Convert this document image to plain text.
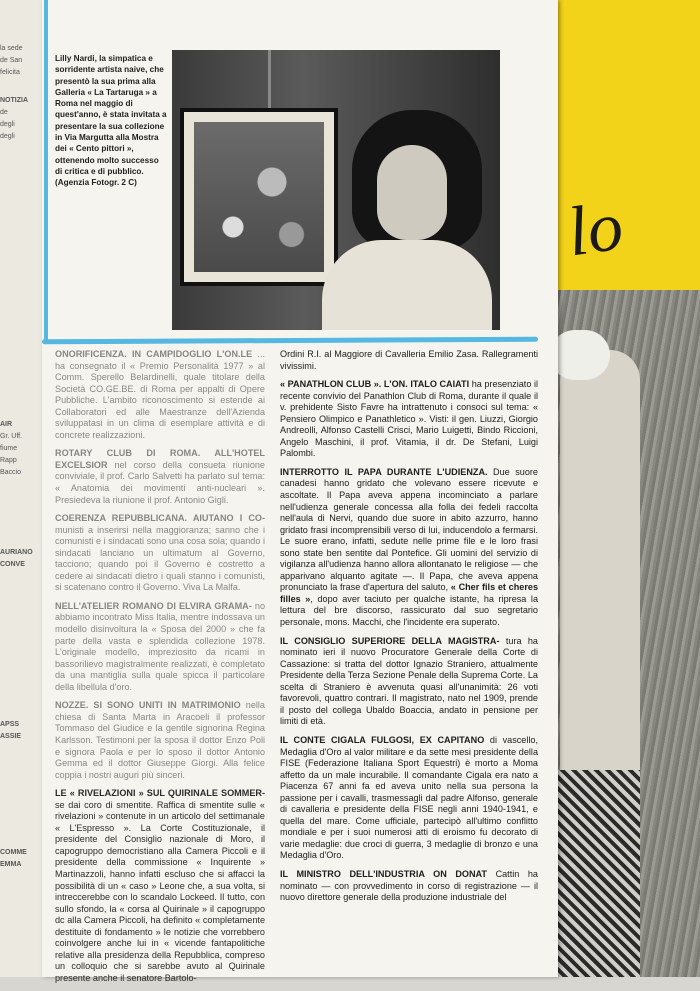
lo
la sede
de San
felicita
NOTIZIA
de
degli
degli
AIR
Gr. Uff.
fiume
Rapp
Baccio
AURIANO
CONVE
APSS
ASSIE
COMME
EMMA
Lilly Nardi, la simpatica e sorridente artista naive, che presentò la sua prima alla Galleria « La Tartaruga » a Roma nel maggio di quest'anno, è stata invitata a presentare la sua collezione in Via Margutta alla Mostra dei « Cento pittori », ottenendo molto successo di critica e di pubblico. (Agenzia Fotogr. 2 C)
ONORIFICENZA. IN CAMPIDOGLIO L'ON.LE ... ha consegnato il « Premio Personalità 1977 » al Comm. Sperello Belardinelli, quale titolare della Società CO.GE.BE. di Roma per appalti di Opere Pubbliche. L'ambito riconoscimento si estende ai Collaboratori ed alle Maestranze dell'Azienda sviluppatasi in un clima di esemplare attività e di concrete realizzazioni.
ROTARY CLUB DI ROMA. ALL'HOTEL EXCELSIOR nel corso della consueta riunione conviviale, il prof. Carlo Salvetti ha parlato sul tema: « Anatomia dei movimenti anti-nucleari ». Presiedeva la riunione il prof. Antonio Gigli.
COERENZA REPUBBLICANA. AIUTANO I CO- munisti a inserirsi nella maggioranza; sanno che i comunisti e i sindacati sono una cosa sola; quando i sindacati lanciano un ultimatum al Governo, tacciono; quando poi il Governo è costretto a cedere ai sindacati dietro i quali stanno i comunisti, si scatenano contro il Governo. Viva La Malfa.
NELL'ATELIER ROMANO DI ELVIRA GRAMA- no abbiamo incontrato Miss Italia, mentre indossava un modello disinvoltura la « Sposa del 2000 » che fa parte della vasta e splendida collezione 1978. L'originale modello, impreziosito da ricami in bassorilievo magistralmente realizzati, è completato da una mantiglia sulla quale spicca il particolare della libellula d'oro.
NOZZE. SI SONO UNITI IN MATRIMONIO nella chiesa di Santa Marta in Aracoeli il professor Tommaso del Giudice e la gentile signorina Regina Karlsson. Testimoni per la sposa il dottor Enzo Poli e signora Paola e per lo sposo il dottor Antonio Gemma ed il dottor Giuseppe Giorgi. Alla felice coppia i nostri auguri più sinceri.
LE « RIVELAZIONI » SUL QUIRINALE SOMMER- se dai coro di smentite. Raffica di smentite sulle « rivelazioni » contenute in un articolo del settimanale « L'Espresso ». La Corte Costituzionale, il presidente del Consiglio nazionale di Moro, il capogruppo democristiano alla Camera Piccoli e il presidente della commissione « Inquirente » Martinazzoli, hanno infatti escluso che si affacci la possibilità di un « caso » Leone che, a sua volta, si intreccerebbe con lo scandalo Lockeed. Il tutto, con sullo sfondo, la « corsa al Quirinale » il capogruppo dc alla Camera Piccoli, ha definito « completamente destituite di fondamento » le notizie che vorrebbero coinvolgere anche lui in « vicende fantapolitiche relative alla presidenza della Repubblica, compreso un colloquio che si sarebbe avuto al Quirinale presente anche il senatore Bartolo-
Ordini R.I. al Maggiore di Cavalleria Emilio Zasa. Rallegramenti vivissimi.
« PANATHLON CLUB ». L'ON. ITALO CAIATI ha presenziato il recente convivio del Panathlon Club di Roma, durante il quale il v. prehidente Sisto Favre ha intrattenuto i consoci sul tema: « Pensiero Olimpico e Panathletico ». Visti: il gen. Liuzzi, Giorgio Andreolli, Alfonso Castelli Crisci, Mario Luigetti, Bindo Riccioni, Angelo Maschini, il prof. Vitamia, il dr. De Stefani, Luigi Palombi.
INTERROTTO IL PAPA DURANTE L'UDIENZA. Due suore canadesi hanno gridato che volevano essere ricevute e ascoltate. Il Papa aveva appena incominciato a parlare nell'udienza generale concessa alla folla dei fedeli raccolta nell'aula di Nervi, quando due suore in abito azzurro, hanno gridato frasi incomprensibili verso di lui, inducendolo a fermarsi. Le suore erano, infatti, sedute nelle prime file e le loro frasi sono state ben sentite dal Pontefice. Gli uomini del servizio di vigilanza all'udienza hanno allora allontanato le religiose — che apparivano alquanto agitate —. Il Papa, che aveva appena pronunciato la frase d'apertura del saluto, « Cher fils et cheres filles », dopo aver taciuto per qualche istante, ha ripresa la lettura del bre discorso, rassicurato dal suo segretario personale, mons. Macchi, che l'incidente era superato.
IL CONSIGLIO SUPERIORE DELLA MAGISTRA- tura ha nominato ieri il nuovo Procuratore Generale della Corte di Cassazione: si tratta del dottor Ignazio Straniero, attualmente Presidente della Terza Sezione Penale della Suprema Corte. La scelta di Straniero è avvenuta quasi all'unanimità: 26 voti favorevoli, quattro contrari. Il magistrato, nato nel 1909, prende il posto del collega Ubaldo Boaccia, andato in pensione per limiti di età.
IL CONTE CIGALA FULGOSI, EX CAPITANO di vascello, Medaglia d'Oro al valor militare e da sette mesi presidente della FISE (Federazione Italiana Sport Equestri) è morto a Moma affetto da un male incurabile. Il comandante Cigala era nato a Piacenza 67 anni fa ed aveva unito nella sua persona la passione per i cavalli, trasmessagli dal padre Alfonso, generale di cavalleria e presidente della FISE negli anni 1940-1941, e quella del mare. Come ufficiale, partecipò all'ultimo conflitto mondiale e per i suoi numerosi atti di eroismo fu decorato di varie medaglie: due croci di guerra, 3 medaglie di bronzo e una Medaglia d'Oro.
IL MINISTRO DELL'INDUSTRIA ON DONAT Cattin ha nominato — con provvedimento in corso di registrazione — il nuovo direttore generale della produzione industriale del
